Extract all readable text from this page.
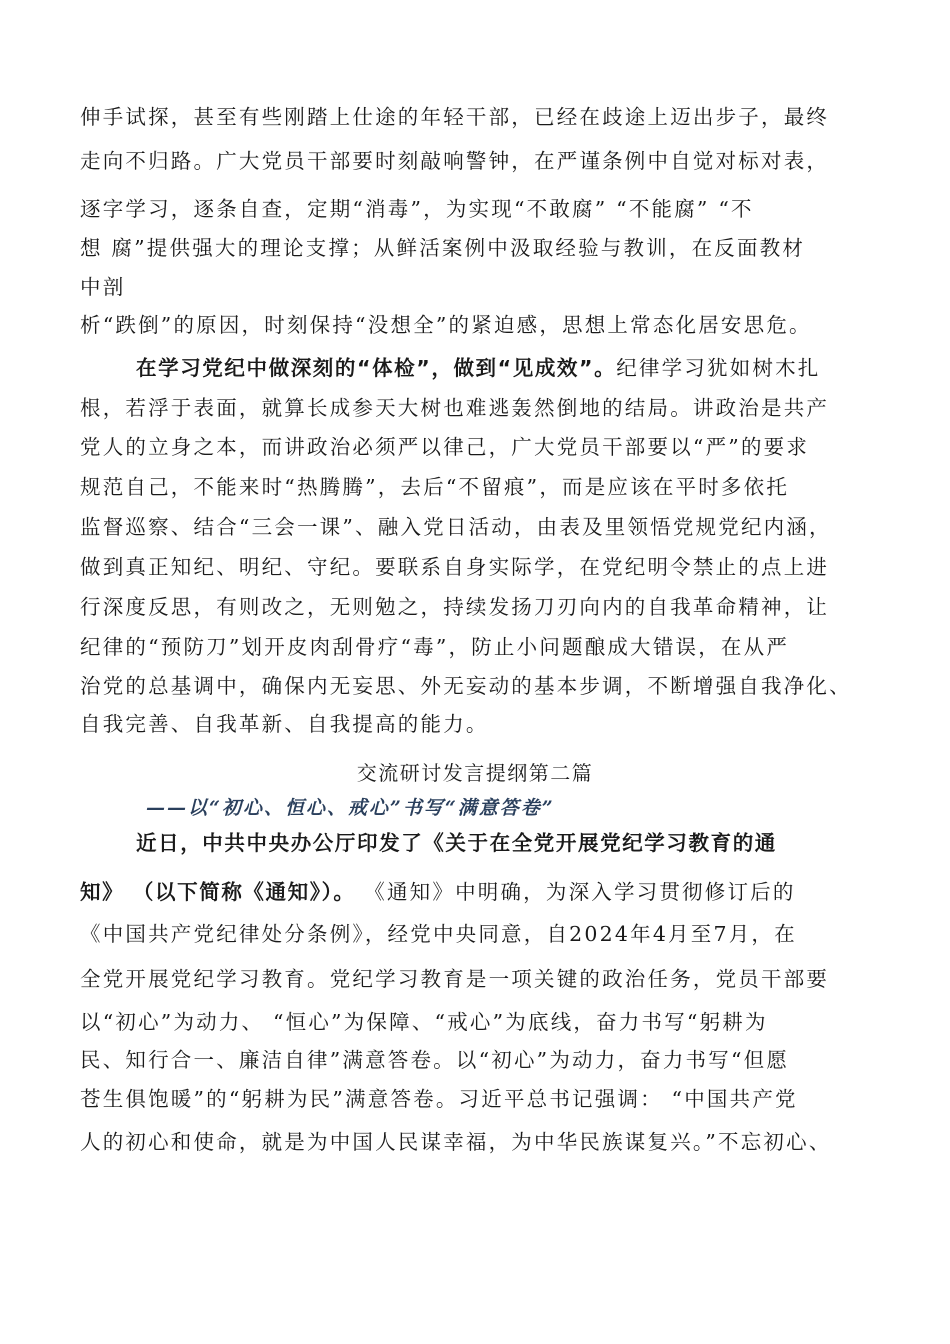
伸手试探，甚至有些刚踏上仕途的年轻干部，已经在歧途上迈出步子，最终
走向不归路。广大党员干部要时刻敲响警钟，在严谨条例中自觉对标对表，
逐字学习，逐条自查，定期“消毒”，为实现“不敢腐” “不能腐” “不
想 腐”提供强大的理论支撑；从鲜活案例中汲取经验与教训，在反面教材
中剖
析“跌倒”的原因，时刻保持“没想全”的紧迫感，思想上常态化居安思危。
在学习党纪中做深刻的“体检”，做到“见成效”。纪律学习犹如树木扎
根，若浮于表面，就算长成参天大树也难逃轰然倒地的结局。讲政治是共产
党人的立身之本，而讲政治必须严以律己，广大党员干部要以“严”的要求
规范自己，不能来时“热腾腾”，去后“不留痕”，而是应该在平时多依托
监督巡察、结合“三会一课”、融入党日活动，由表及里领悟党规党纪内涵，
做到真正知纪、明纪、守纪。要联系自身实际学，在党纪明令禁止的点上进
行深度反思，有则改之，无则勉之，持续发扬刀刃向内的自我革命精神，让
纪律的“预防刀”划开皮肉刮骨疗“毒”，防止小问题酿成大错误，在从严
治党的总基调中，确保内无妄思、外无妄动的基本步调，不断增强自我净化、
自我完善、自我革新、自我提高的能力。
交流研讨发言提纲第二篇
——以“初心、恒心、戒心”书写“满意答卷”
近日，中共中央办公厅印发了《关于在全党开展党纪学习教育的通
知》 （以下简称《通知》）。 《通知》中明确，为深入学习贯彻修订后的
《中国共产党纪律处分条例》，经党中央同意，自2024年4月至7月，在
全党开展党纪学习教育。党纪学习教育是一项关键的政治任务，党员干部要
以“初心”为动力、 “恒心”为保障、“戒心”为底线，奋力书写“躬耕为
民、知行合一、廉洁自律”满意答卷。以“初心”为动力，奋力书写“但愿
苍生俱饱暖”的“躬耕为民”满意答卷。习近平总书记强调： “中国共产党
人的初心和使命，就是为中国人民谋幸福，为中华民族谋复兴。”不忘初心、
